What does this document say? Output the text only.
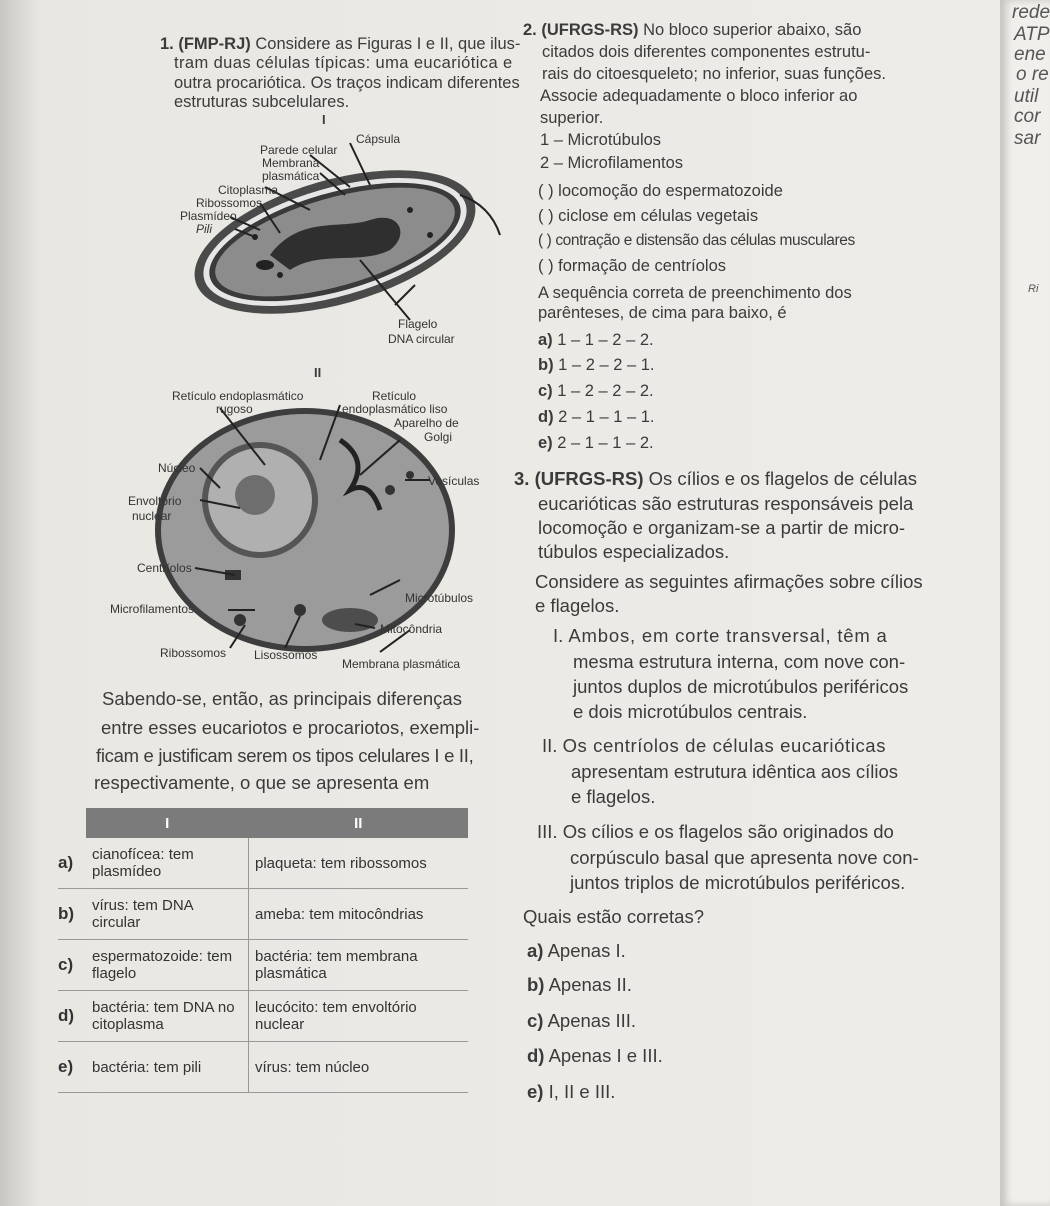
1. (FMP-RJ) Considere as Figuras I e II, que ilus-
tram duas células típicas: uma eucariótica e
outra procariótica. Os traços indicam diferentes
estruturas subcelulares.
I
Cápsula
Parede celular
Membrana
plasmática
Citoplasma
Ribossomos
Plasmídeo
Pili
Flagelo
DNA circular
II
Retículo endoplasmático
rugoso
Retículo
endoplasmático liso
Aparelho de
Golgi
Núcleo
Vesículas
Envoltório
nuclear
Centríolos
Microtúbulos
Microfilamentos
Mitocôndria
Ribossomos Lisossomos
Membrana plasmática
Sabendo-se, então, as principais diferenças
entre esses eucariotos e procariotos, exempli-
ficam e justificam serem os tipos celulares I e II,
respectivamente, o que se apresenta em
	I	II
a)	cianofícea: tem plasmídeo	plaqueta: tem ribossomos
b)	vírus: tem DNA circular	ameba: tem mitocôndrias
c)	espermatozoide: tem flagelo	bactéria: tem membrana plasmática
d)	bactéria: tem DNA no citoplasma	leucócito: tem envoltório nuclear
e)	bactéria: tem pili	vírus: tem núcleo
2. (UFRGS-RS) No bloco superior abaixo, são
citados dois diferentes componentes estrutu-
rais do citoesqueleto; no inferior, suas funções.
Associe adequadamente o bloco inferior ao
superior.
1 – Microtúbulos
2 – Microfilamentos
( ) locomoção do espermatozoide
( ) ciclose em células vegetais
( ) contração e distensão das células musculares
( ) formação de centríolos
A sequência correta de preenchimento dos
parênteses, de cima para baixo, é
a) 1 – 1 – 2 – 2.
b) 1 – 2 – 2 – 1.
c) 1 – 2 – 2 – 2.
d) 2 – 1 – 1 – 1.
e) 2 – 1 – 1 – 2.
3. (UFRGS-RS) Os cílios e os flagelos de células
eucarióticas são estruturas responsáveis pela
locomoção e organizam-se a partir de micro-
túbulos especializados.
Considere as seguintes afirmações sobre cílios
e flagelos.
I. Ambos, em corte transversal, têm a
mesma estrutura interna, com nove con-
juntos duplos de microtúbulos periféricos
e dois microtúbulos centrais.
II. Os centríolos de células eucarióticas
apresentam estrutura idêntica aos cílios
e flagelos.
III. Os cílios e os flagelos são originados do
corpúsculo basal que apresenta nove con-
juntos triplos de microtúbulos periféricos.
Quais estão corretas?
a) Apenas I.
b) Apenas II.
c) Apenas III.
d) Apenas I e III.
e) I, II e III.
rede
ATP
ene
o re
util
cor
sar
Ri
